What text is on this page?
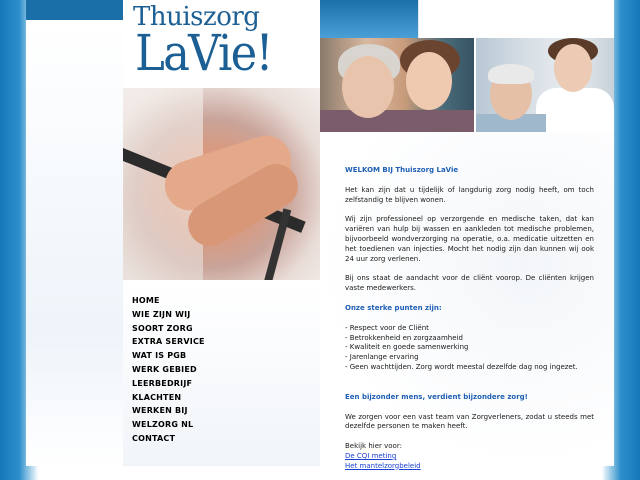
Thuiszorg
LaVie!
HOME
WIE ZIJN WIJ
SOORT ZORG
EXTRA SERVICE
WAT IS PGB
WERK GEBIED
LEERBEDRIJF
KLACHTEN
WERKEN BIJ
WELZORG NL
CONTACT

WELKOM BIJ Thuiszorg LaVie

Het kan zijn dat u tijdelijk of langdurig zorg nodig heeft, om toch zelfstandig te blijven wonen.

Wij zijn professioneel op verzorgende en medische taken, dat kan variëren van hulp bij wassen en aankleden tot medische problemen, bijvoorbeeld wondverzorging na operatie, o.a. medicatie uitzetten en het toedienen van injecties. Mocht het nodig zijn dan kunnen wij ook 24 uur zorg verlenen.

Bij ons staat de aandacht voor de cliënt voorop. De cliënten krijgen vaste medewerkers.

Onze sterke punten zijn:

- Respect voor de Cliënt
- Betrokkenheid en zorgzaamheid
- Kwaliteit en goede samenwerking
- Jarenlange ervaring
- Geen wachttijden. Zorg wordt meestal dezelfde dag nog ingezet.

Een bijzonder mens, verdient bijzondere zorg!

We zorgen voor een vast team van Zorgverleners, zodat u steeds met dezelfde personen te maken heeft.

Bekijk hier voor:

De CQI meting
Het mantelzorgbeleid
